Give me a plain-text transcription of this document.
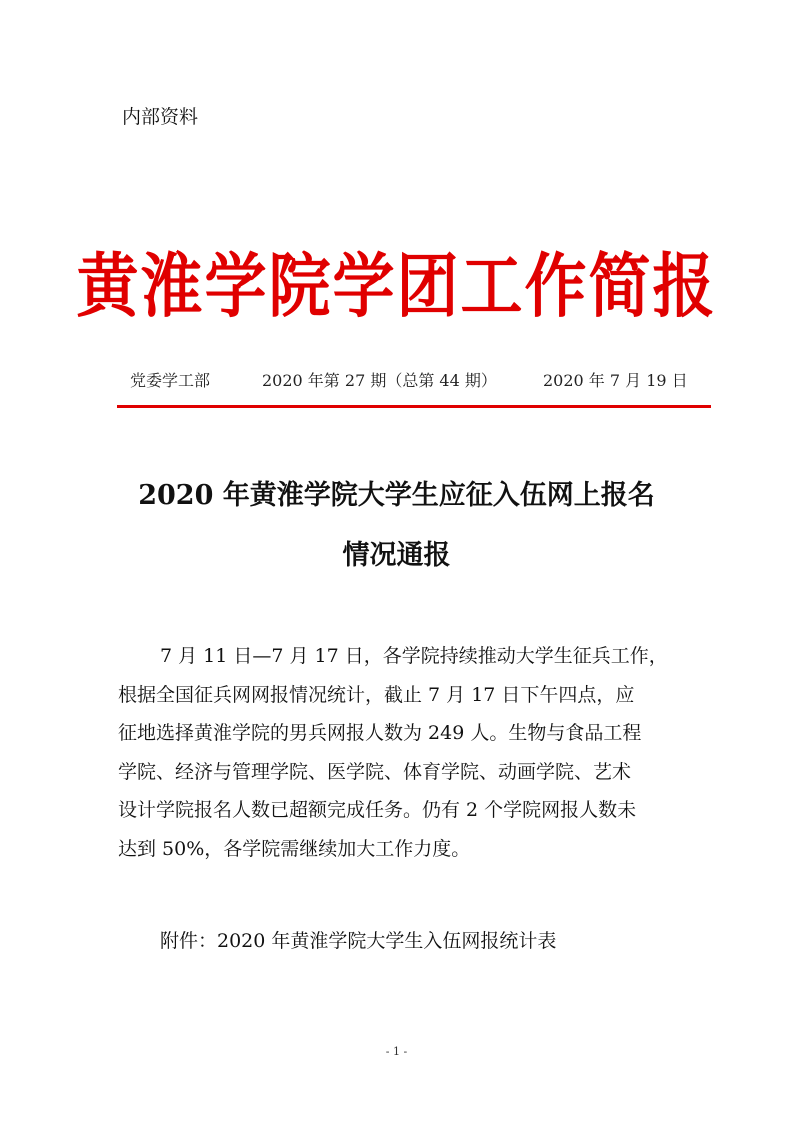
内部资料
黄淮学院学团工作简报
党委学工部	2020 年第 27 期（总第 44 期）	2020 年 7 月 19 日
2020 年黄淮学院大学生应征入伍网上报名
情况通报
7 月 11 日—7 月 17 日，各学院持续推动大学生征兵工作，
根据全国征兵网网报情况统计，截止 7 月 17 日下午四点，应
征地选择黄淮学院的男兵网报人数为 249 人。生物与食品工程
学院、经济与管理学院、医学院、体育学院、动画学院、艺术
设计学院报名人数已超额完成任务。仍有 2 个学院网报人数未
达到 50%，各学院需继续加大工作力度。
附件：2020 年黄淮学院大学生入伍网报统计表
- 1 -
